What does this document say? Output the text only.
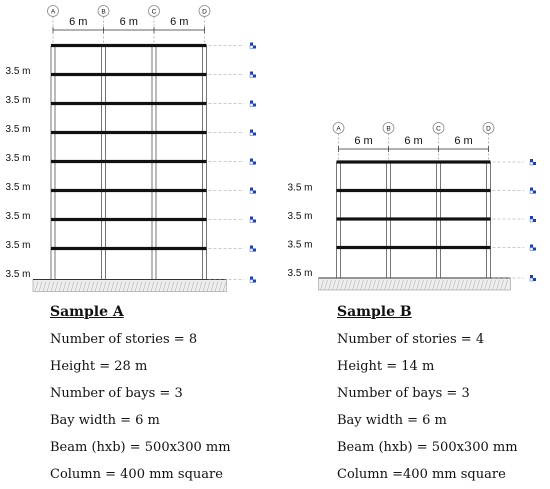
A	B	C	D
6 m	6 m	6 m
3.5 m
3.5 m
3.5 m
3.5 m
3.5 m
3.5 m
3.5 m
3.5 m
A	B	C	D
6 m	6 m	6 m
3.5 m
3.5 m
3.5 m
3.5 m
Sample A
Number of stories = 8
Height = 28 m
Number of bays = 3
Bay width = 6 m
Beam (hxb) = 500x300 mm
Column = 400 mm square
Sample B
Number of stories = 4
Height = 14 m
Number of bays = 3
Bay width = 6 m
Beam (hxb) = 500x300 mm
Column =400 mm square
